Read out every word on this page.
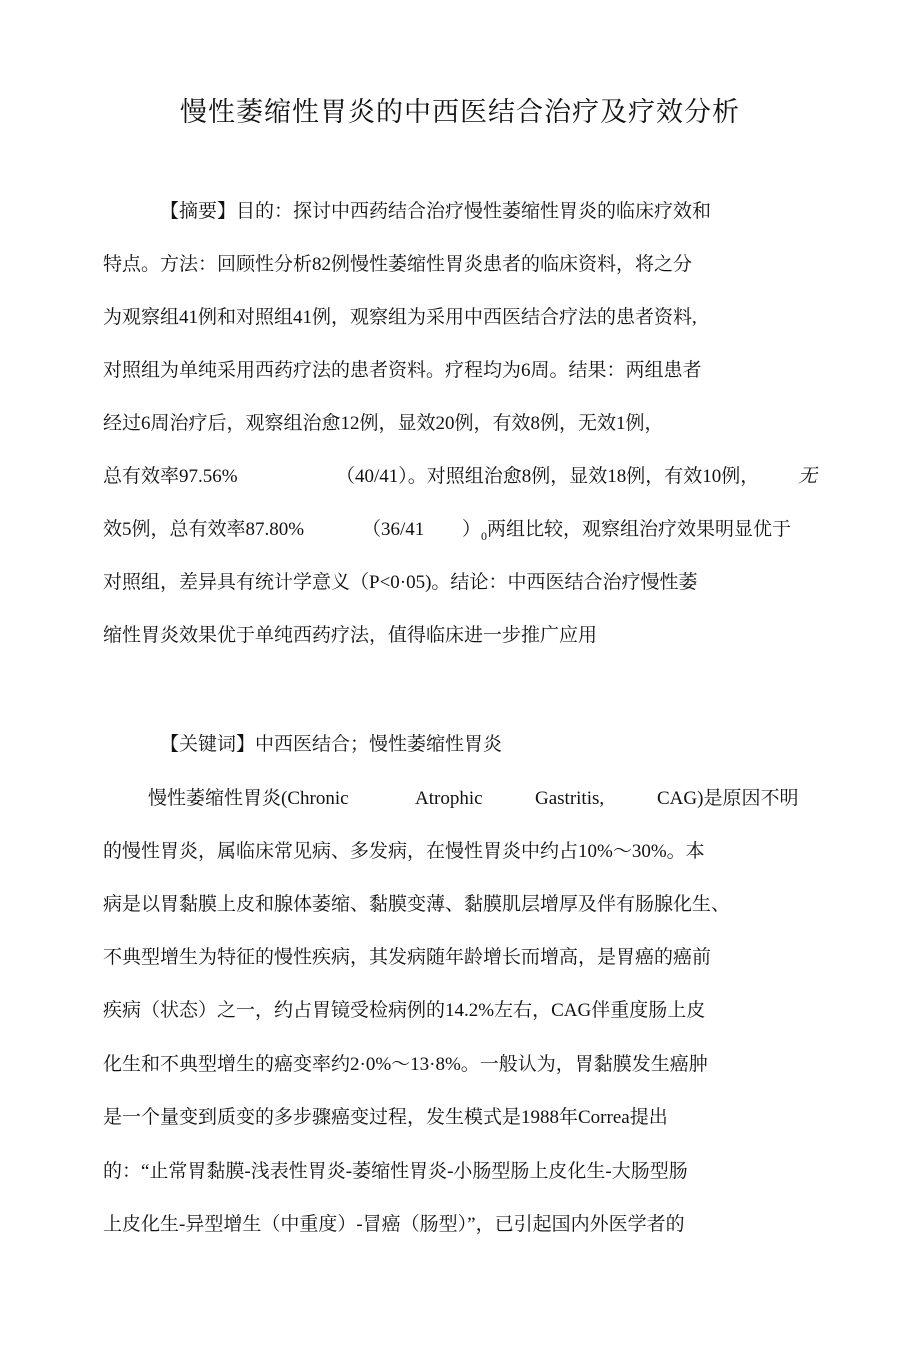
慢性萎缩性胃炎的中西医结合治疗及疗效分析
【摘要】目的：探讨中西药结合治疗慢性萎缩性胃炎的临床疗效和
特点。方法：回顾性分析82例慢性萎缩性胃炎患者的临床资料，将之分
为观察组41例和对照组41例，观察组为采用中西医结合疗法的患者资料,
对照组为单纯采用西药疗法的患者资料。疗程均为6周。结果：两组患者
经过6周治疗后，观察组治愈12例，显效20例，有效8例，无效1例，
总有效率97.56%	（40/41）。对照组治愈8例，显效18例，有效10例， 无
效5例，总有效率87.80%	（36/41 ）$_0$两组比较，观察组治疗效果明显优于
对照组，差异具有统计学意义（P<0·05)。结论：中西医结合治疗慢性萎
缩性胃炎效果优于单纯西药疗法，值得临床进一步推广应用
【关键词】中西医结合；慢性萎缩性胃炎
慢性萎缩性胃炎(Chronic	Atrophic	Gastritis,	CAG)是原因不明
的慢性胃炎，属临床常见病、多发病，在慢性胃炎中约占10%～30%。本
病是以胃黏膜上皮和腺体萎缩、黏膜变薄、黏膜肌层增厚及伴有肠腺化生、
不典型增生为特征的慢性疾病，其发病随年龄增长而增高，是胃癌的癌前
疾病（状态）之一，约占胃镜受检病例的14.2%左右，CAG伴重度肠上皮
化生和不典型增生的癌变率约2·0%～13·8%。一般认为，胃黏膜发生癌肿
是一个量变到质变的多步骤癌变过程，发生模式是1988年Correa提出
的：“止常胃黏膜-浅表性胃炎-萎缩性胃炎-小肠型肠上皮化生-大肠型肠
上皮化生-异型增生（中重度）-冒癌（肠型）”，已引起国内外医学者的
